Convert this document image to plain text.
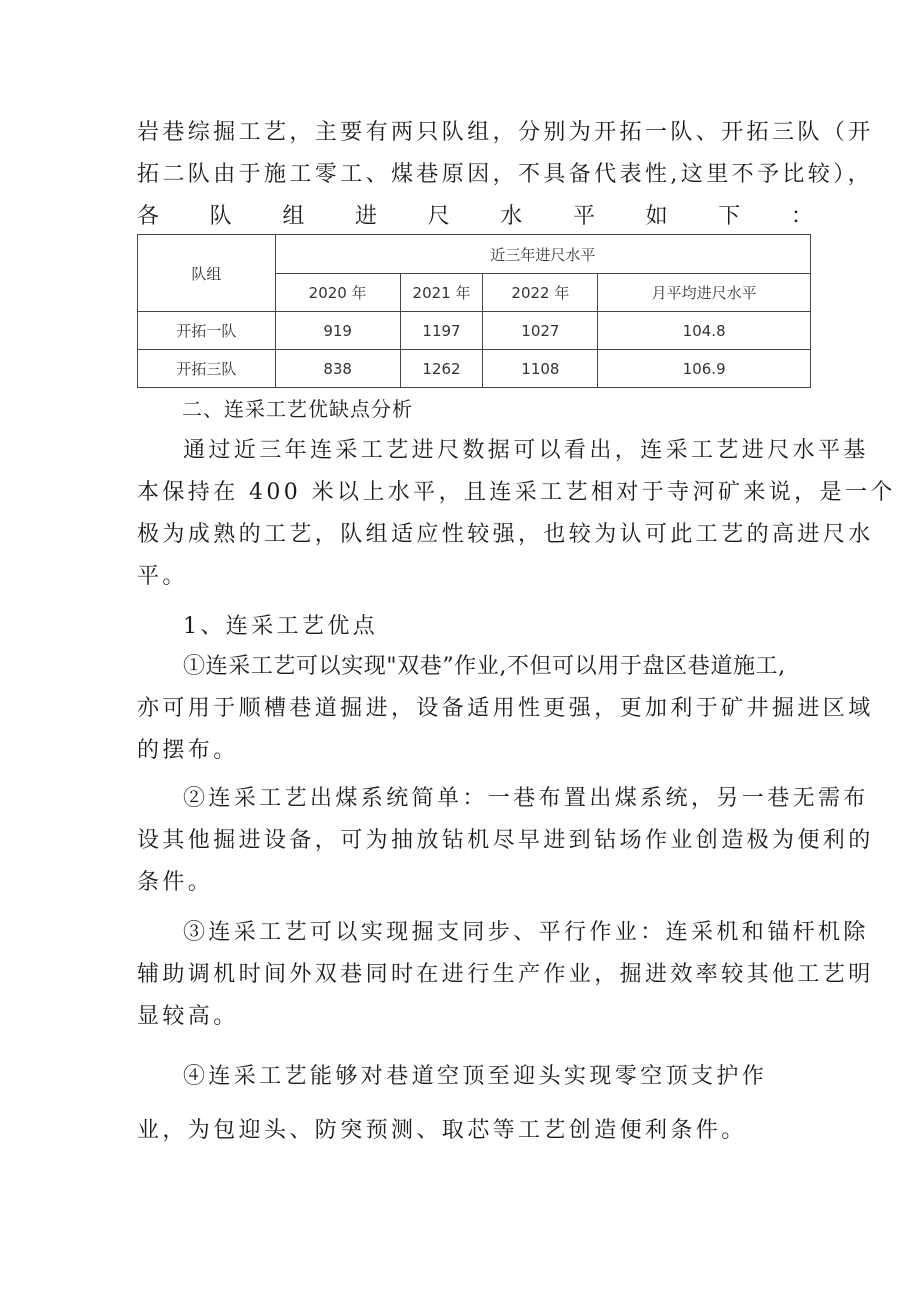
岩巷综掘工艺，主要有两只队组，分别为开拓一队、开拓三队（开
拓二队由于施工零工、煤巷原因，不具备代表性,这里不予比较），
各 队 组 进 尺 水 平 如 下 ：
队组	近三年进尺水平			
	2020 年	2021 年	2022 年	月平均进尺水平
开拓一队	919	1197	1027	104.8
开拓三队	838	1262	1108	106.9
二、连采工艺优缺点分析
通过近三年连采工艺进尺数据可以看出，连采工艺进尺水平基
本保持在 400 米以上水平，且连采工艺相对于寺河矿来说，是一个
极为成熟的工艺，队组适应性较强，也较为认可此工艺的高进尺水
平。
1、连采工艺优点
①连采工艺可以实现"双巷”作业,不但可以用于盘区巷道施工,
亦可用于顺槽巷道掘进，设备适用性更强，更加利于矿井掘进区域
的摆布。
②连采工艺出煤系统简单：一巷布置出煤系统，另一巷无需布
设其他掘进设备，可为抽放钻机尽早进到钻场作业创造极为便利的
条件。
③连采工艺可以实现掘支同步、平行作业：连采机和锚杆机除
辅助调机时间外双巷同时在进行生产作业，掘进效率较其他工艺明
显较高。
④连采工艺能够对巷道空顶至迎头实现零空顶支护作
业，为包迎头、防突预测、取芯等工艺创造便利条件。
